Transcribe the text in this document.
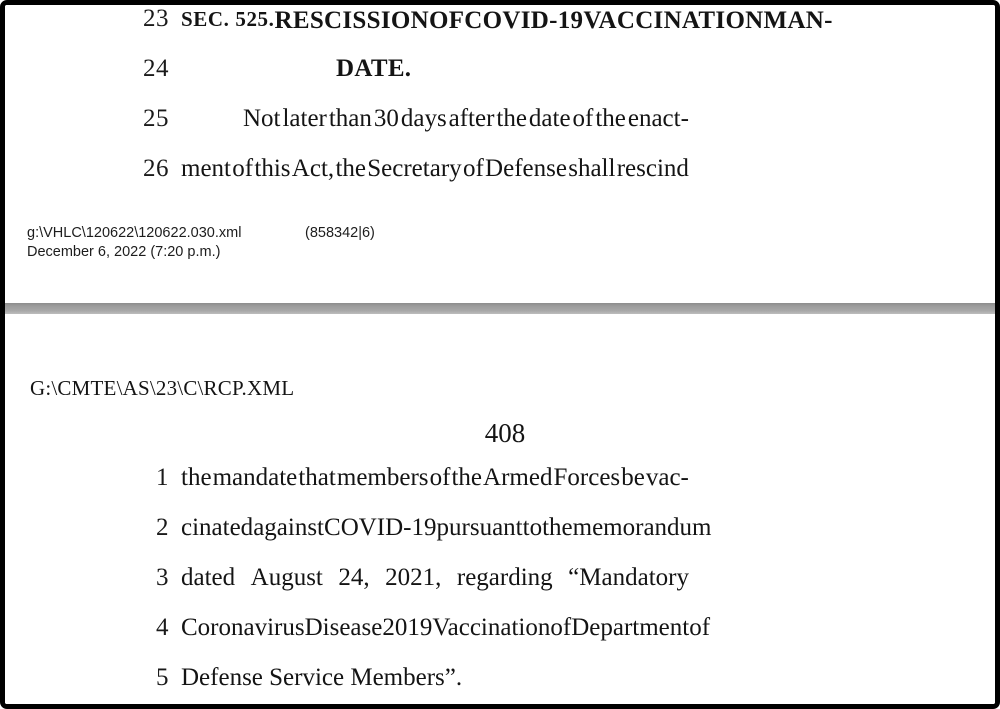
23 SEC. 525. RESCISSION OF COVID-19 VACCINATION MAN-
24	DATE.
25	Not later than 30 days after the date of the enact-
26 ment of this Act, the Secretary of Defense shall rescind
g:\VHLC\120622\120622.030.xml	(858342|6)
December 6, 2022 (7:20 p.m.)
G:\CMTE\AS\23\C\RCP.XML
408
1 the mandate that members of the Armed Forces be vac-
2 cinated against COVID-19 pursuant to the memorandum
3 dated August 24, 2021, regarding “Mandatory
4 Coronavirus Disease 2019 Vaccination of Department of
5 Defense Service Members”.
